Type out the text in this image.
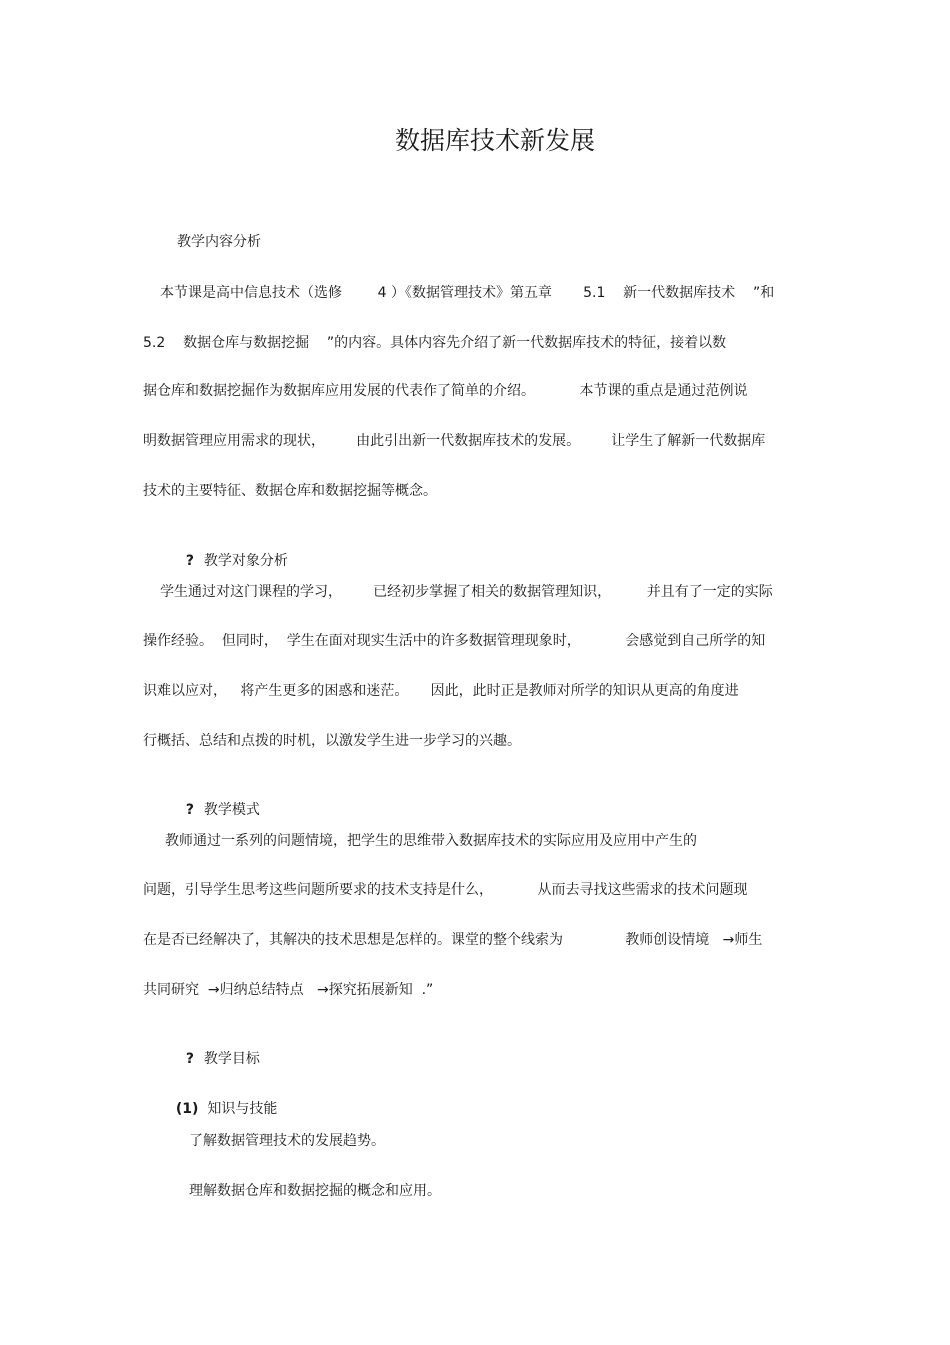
数据库技术新发展
教学内容分析
本节课是高中信息技术（选修        4 ）《数据管理技术》第五章       5.1    新一代数据库技术    ”和
5.2    数据仓库与数据挖掘    ”的内容。具体内容先介绍了新一代数据库技术的特征，接着以数
据仓库和数据挖掘作为数据库应用发展的代表作了简单的介绍。          本节课的重点是通过范例说
明数据管理应用需求的现状，       由此引出新一代数据库技术的发展。       让学生了解新一代数据库
技术的主要特征、数据仓库和数据挖掘等概念。

? 教学对象分析

学生通过对这门课程的学习，       已经初步掌握了相关的数据管理知识，        并且有了一定的实际
操作经验。  但同时，  学生在面对现实生活中的许多数据管理现象时，          会感觉到自己所学的知
识难以应对，   将产生更多的困惑和迷茫。     因此，此时正是教师对所学的知识从更高的角度进
行概括、总结和点拨的时机，以激发学生进一步学习的兴趣。

? 教学模式

教师通过一系列的问题情境，把学生的思维带入数据库技术的实际应用及应用中产生的
问题，引导学生思考这些问题所要求的技术支持是什么，          从而去寻找这些需求的技术问题现
在是否已经解决了，其解决的技术思想是怎样的。课堂的整个线索为              教师创设情境   →师生
共同研究  →归纳总结特点   →探究拓展新知  .”

? 教学目标

(1) 知识与技能

了解数据管理技术的发展趋势。
理解数据仓库和数据挖掘的概念和应用。
